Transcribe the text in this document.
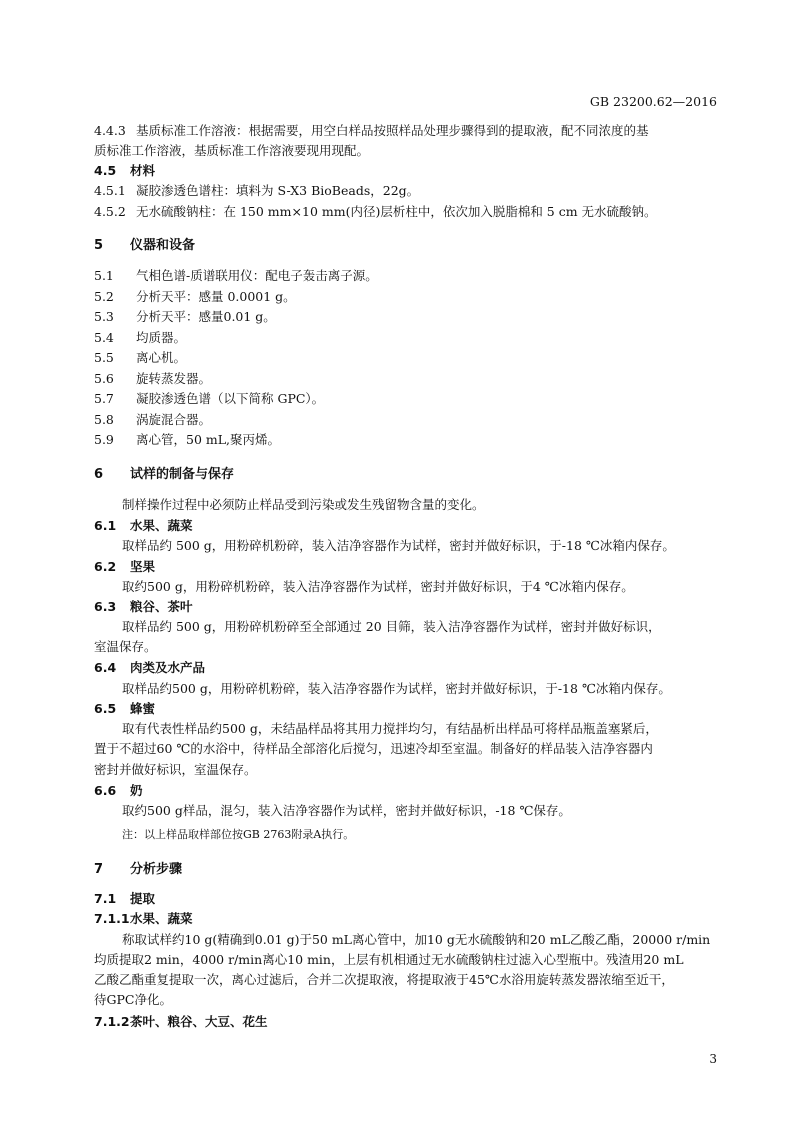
GB 23200.62—2016
4.4.3 基质标准工作溶液：根据需要，用空白样品按照样品处理步骤得到的提取液，配不同浓度的基
质标准工作溶液，基质标准工作溶液要现用现配。
4.5 材料
4.5.1 凝胶渗透色谱柱：填料为 S-X3 BioBeads，22g。
4.5.2 无水硫酸钠柱：在 150 mm×10 mm(内径)层析柱中，依次加入脱脂棉和 5 cm 无水硫酸钠。
5 仪器和设备
5.1 气相色谱-质谱联用仪：配电子轰击离子源。
5.2 分析天平：感量 0.0001 g。
5.3 分析天平：感量0.01 g。
5.4 均质器。
5.5 离心机。
5.6 旋转蒸发器。
5.7 凝胶渗透色谱（以下简称 GPC）。
5.8 涡旋混合器。
5.9 离心管，50 mL,聚丙烯。
6 试样的制备与保存
制样操作过程中必须防止样品受到污染或发生残留物含量的变化。
6.1 水果、蔬菜
取样品约 500 g，用粉碎机粉碎，装入洁净容器作为试样，密封并做好标识，于-18 ℃冰箱内保存。
6.2 坚果
取约500 g，用粉碎机粉碎，装入洁净容器作为试样，密封并做好标识，于4 ℃冰箱内保存。
6.3 粮谷、茶叶
取样品约 500 g，用粉碎机粉碎至全部通过 20 目筛，装入洁净容器作为试样，密封并做好标识，
室温保存。
6.4 肉类及水产品
取样品约500 g，用粉碎机粉碎，装入洁净容器作为试样，密封并做好标识，于-18 ℃冰箱内保存。
6.5 蜂蜜
取有代表性样品约500 g，未结晶样品将其用力搅拌均匀，有结晶析出样品可将样品瓶盖塞紧后，
置于不超过60 ℃的水浴中，待样品全部溶化后搅匀，迅速冷却至室温。制备好的样品装入洁净容器内
密封并做好标识，室温保存。
6.6 奶
取约500 g样品，混匀，装入洁净容器作为试样，密封并做好标识，-18 ℃保存。
注：以上样品取样部位按GB 2763附录A执行。
7 分析步骤
7.1 提取
7.1.1水果、蔬菜
称取试样约10 g(精确到0.01 g)于50 mL离心管中，加10 g无水硫酸钠和20 mL乙酸乙酯，20000 r/min
均质提取2 min，4000 r/min离心10 min，上层有机相通过无水硫酸钠柱过滤入心型瓶中。残渣用20 mL
乙酸乙酯重复提取一次，离心过滤后，合并二次提取液，将提取液于45℃水浴用旋转蒸发器浓缩至近干，
待GPC净化。
7.1.2茶叶、粮谷、大豆、花生
3
